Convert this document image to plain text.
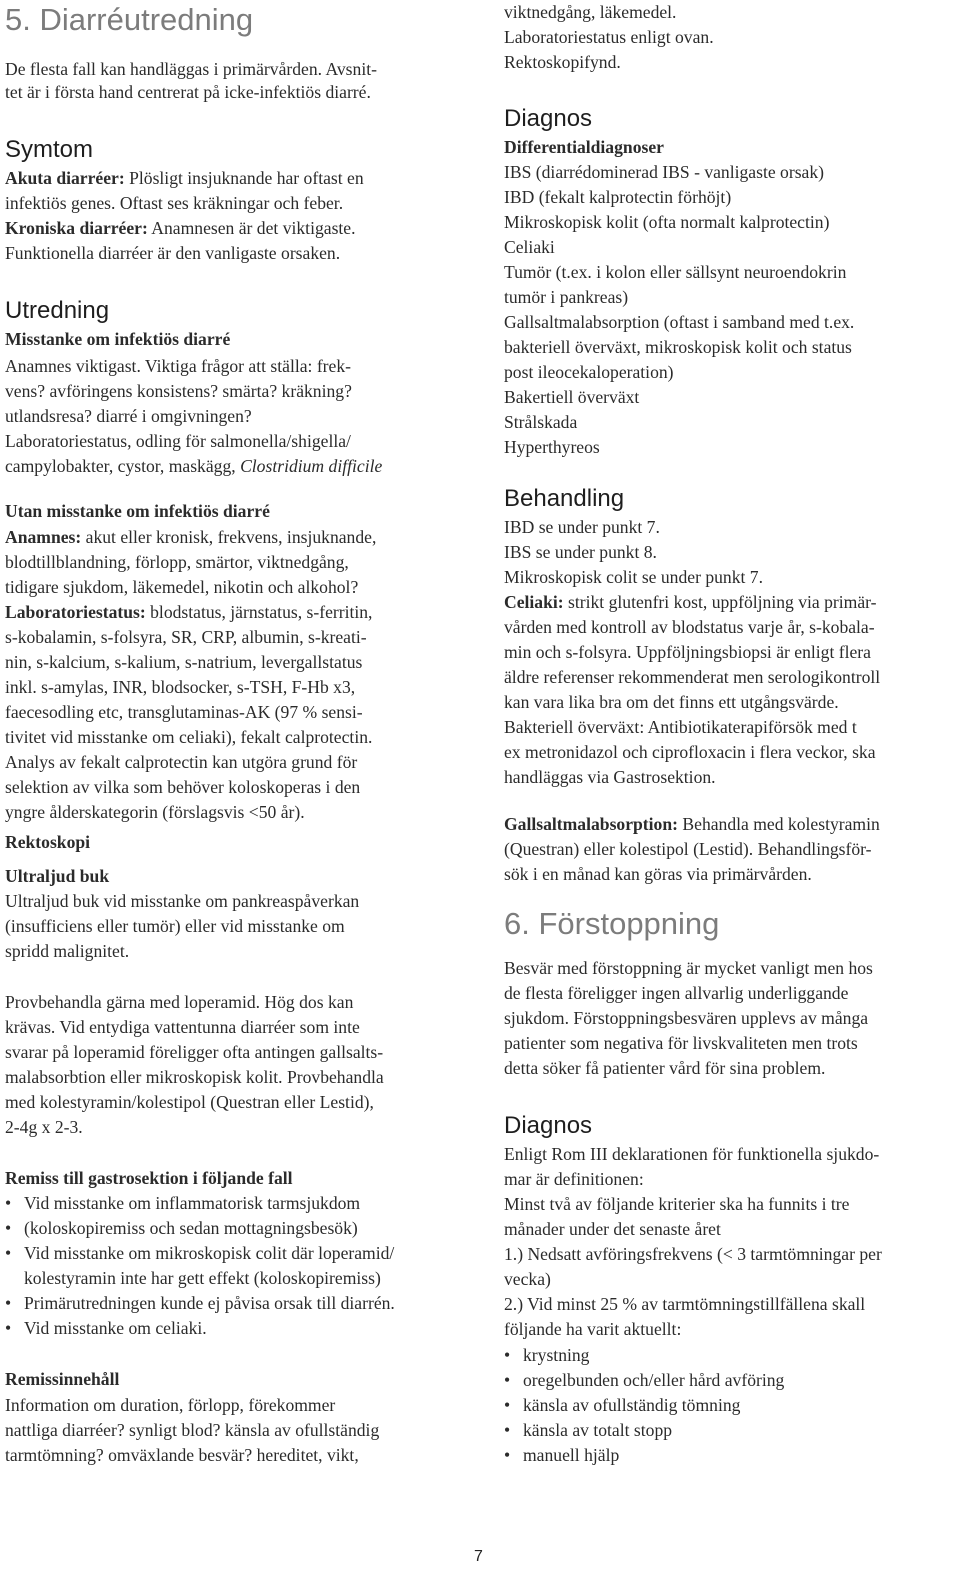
5. Diarréutredning
De flesta fall kan handläggas i primärvården. Avsnit-
tet är i första hand centrerat på icke-infektiös diarré.
Symtom
Akuta diarréer: Plösligt insjuknande har oftast en
infektiös genes. Oftast ses kräkningar och feber.
Kroniska diarréer: Anamnesen är det viktigaste.
Funktionella diarréer är den vanligaste orsaken.
Utredning
Misstanke om infektiös diarré
Anamnes viktigast. Viktiga frågor att ställa: frek-
vens? avföringens konsistens? smärta? kräkning?
utlandsresa? diarré i omgivningen?
Laboratoriestatus, odling för salmonella/shigella/
campylobakter, cystor, maskägg, Clostridium difficile
Utan misstanke om infektiös diarré
Anamnes: akut eller kronisk, frekvens, insjuknande,
blodtillblandning, förlopp, smärtor, viktnedgång,
tidigare sjukdom, läkemedel, nikotin och alkohol?
Laboratoriestatus: blodstatus, järnstatus, s-ferritin,
s-kobalamin, s-folsyra, SR, CRP, albumin, s-kreati-
nin, s-kalcium, s-kalium, s-natrium, levergallstatus
inkl. s-amylas, INR, blodsocker, s-TSH, F-Hb x3,
faecesodling etc, transglutaminas-AK (97 % sensi-
tivitet vid misstanke om celiaki), fekalt calprotectin.
Analys av fekalt calprotectin kan utgöra grund för
selektion av vilka som behöver koloskoperas i den
yngre ålderskategorin (förslagsvis <50 år).
Rektoskopi
Ultraljud buk
Ultraljud buk vid misstanke om pankreaspåverkan
(insufficiens eller tumör) eller vid misstanke om
spridd malignitet.
Provbehandla gärna med loperamid. Hög dos kan
krävas. Vid entydiga vattentunna diarréer som inte
svarar på loperamid föreligger ofta antingen gallsalts-
malabsorbtion eller mikroskopisk kolit. Provbehandla
med kolestyramin/kolestipol (Questran eller Lestid),
2-4g x 2-3.
Remiss till gastrosektion i följande fall
• Vid misstanke om inflammatorisk tarmsjukdom
(koloskopiremiss och sedan mottagningsbesök)
• Vid misstanke om mikroskopisk colit där loperamid/
kolestyramin inte har gett effekt (koloskopiremiss)
• Primärutredningen kunde ej påvisa orsak till diarrén.
• Vid misstanke om celiaki.
Remissinnehåll
Information om duration, förlopp, förekommer
nattliga diarréer? synligt blod? känsla av ofullständig
tarmtömning? omväxlande besvär? hereditet, vikt,
viktnedgång, läkemedel.
Laboratoriestatus enligt ovan.
Rektoskopifynd.
Diagnos
Differentialdiagnoser
IBS (diarrédominerad IBS - vanligaste orsak)
IBD (fekalt kalprotectin förhöjt)
Mikroskopisk kolit (ofta normalt kalprotectin)
Celiaki
Tumör (t.ex. i kolon eller sällsynt neuroendokrin
tumör i pankreas)
Gallsaltmalabsorption (oftast i samband med t.ex.
bakteriell överväxt, mikroskopisk kolit och status
post ileocekaloperation)
Bakertiell överväxt
Strålskada
Hyperthyreos
Behandling
IBD se under punkt 7.
IBS se under punkt 8.
Mikroskopisk colit se under punkt 7.
Celiaki: strikt glutenfri kost, uppföljning via primär-
vården med kontroll av blodstatus varje år, s-kobala-
min och s-folsyra. Uppföljningsbiopsi är enligt flera
äldre referenser rekommenderat men serologikontroll
kan vara lika bra om det finns ett utgångsvärde.
Bakteriell överväxt: Antibiotikaterapiförsök med t
ex metronidazol och ciprofloxacin i flera veckor, ska
handläggas via Gastrosektion.
Gallsaltmalabsorption: Behandla med kolestyramin
(Questran) eller kolestipol (Lestid). Behandlingsför-
sök i en månad kan göras via primärvården.
6. Förstoppning
Besvär med förstoppning är mycket vanligt men hos
de flesta föreligger ingen allvarlig underliggande
sjukdom. Förstoppningsbesvären upplevs av många
patienter som negativa för livskvaliteten men trots
detta söker få patienter vård för sina problem.
Diagnos
Enligt Rom III deklarationen för funktionella sjukdo-
mar är definitionen:
Minst två av följande kriterier ska ha funnits i tre
månader under det senaste året
1.) Nedsatt avföringsfrekvens (< 3 tarmtömningar per
vecka)
2.) Vid minst 25 % av tarmtömningstillfällena skall
följande ha varit aktuellt:
• krystning
• oregelbunden och/eller hård avföring
• känsla av ofullständig tömning
• känsla av totalt stopp
• manuell hjälp
7
